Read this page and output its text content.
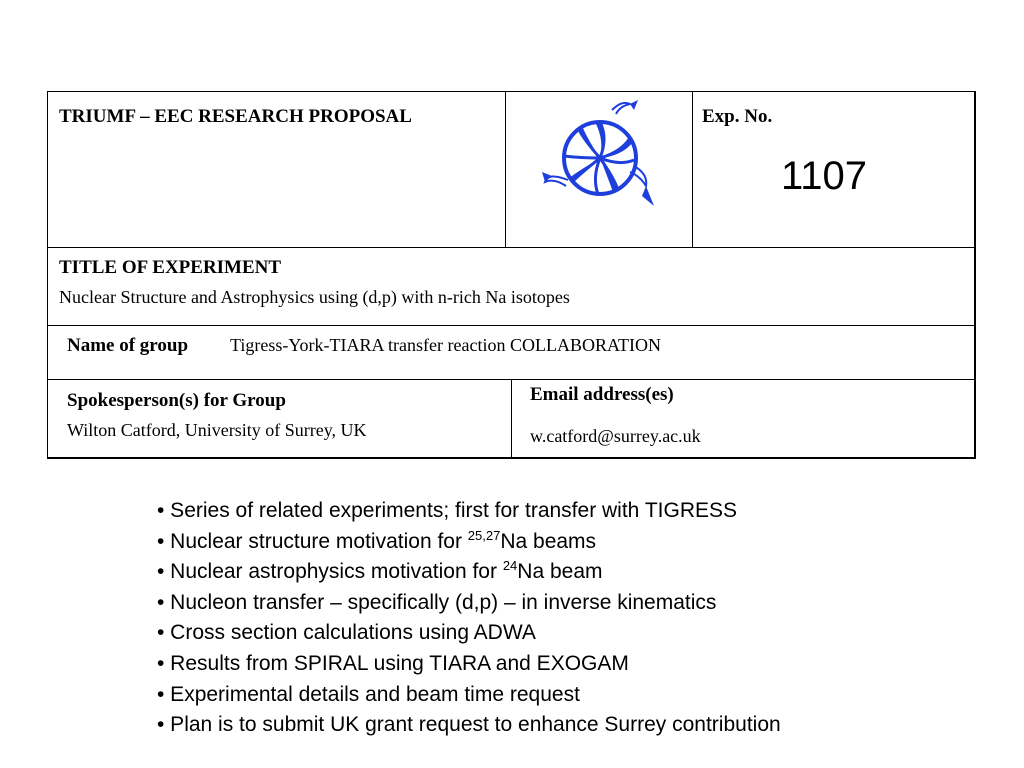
TRIUMF – EEC RESEARCH PROPOSAL	Exp. No.
1107
TITLE OF EXPERIMENT
Nuclear Structure and Astrophysics using (d,p) with n-rich Na isotopes
Name of group Tigress-York-TIARA transfer reaction COLLABORATION
Spokesperson(s) for Group
Wilton Catford, University of Surrey, UK
Email address(es)
w.catford@surrey.ac.uk
• Series of related experiments; first for transfer with TIGRESS
• Nuclear structure motivation for $^{25,27}$Na beams
• Nuclear astrophysics motivation for $^{24}$Na beam
• Nucleon transfer – specifically (d,p) – in inverse kinematics
• Cross section calculations using ADWA
• Results from SPIRAL using TIARA and EXOGAM
• Experimental details and beam time request
• Plan is to submit UK grant request to enhance Surrey contribution
